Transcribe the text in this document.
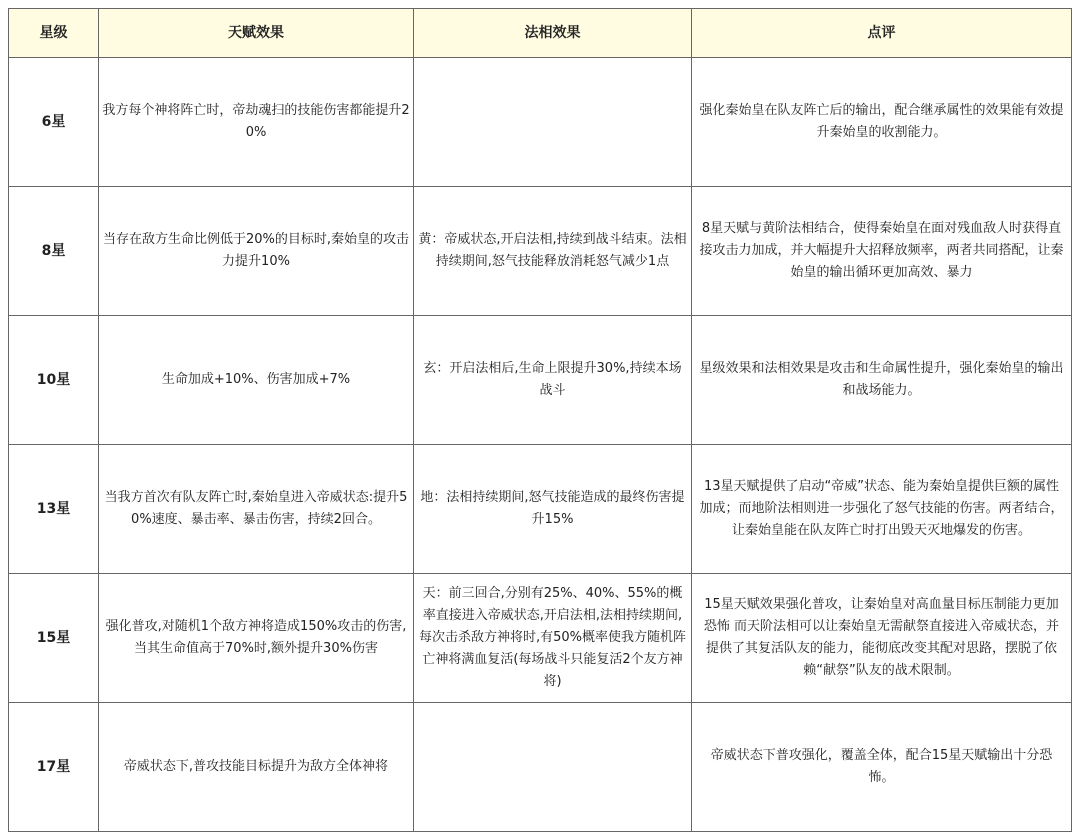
星级	天赋效果	法相效果	点评
6星	我方每个神将阵亡时，帝劫魂扫的技能伤害都能提升20%		强化秦始皇在队友阵亡后的输出，配合继承属性的效果能有效提升秦始皇的收割能力。
8星	当存在敌方生命比例低于20%的目标时,秦始皇的攻击力提升10%	黄：帝威状态,开启法相,持续到战斗结束。法相持续期间,怒气技能释放消耗怒气减少1点	8星天赋与黄阶法相结合，使得秦始皇在面对残血敌人时获得直接攻击力加成，并大幅提升大招释放频率，两者共同搭配，让秦始皇的输出循环更加高效、暴力
10星	生命加成+10%、伤害加成+7%	玄：开启法相后,生命上限提升30%,持续本场战斗	星级效果和法相效果是攻击和生命属性提升，强化秦始皇的输出和战场能力。
13星	当我方首次有队友阵亡时,秦始皇进入帝威状态:提升50%速度、暴击率、暴击伤害，持续2回合。	地：法相持续期间,怒气技能造成的最终伤害提升15%	13星天赋提供了启动“帝威”状态、能为秦始皇提供巨额的属性加成；而地阶法相则进一步强化了怒气技能的伤害。两者结合，让秦始皇能在队友阵亡时打出毁天灭地爆发的伤害。
15星	强化普攻,对随机1个敌方神将造成150%攻击的伤害,当其生命值高于70%时,额外提升30%伤害	天：前三回合,分别有25%、40%、55%的概率直接进入帝威状态,开启法相,法相持续期间,每次击杀敌方神将时,有50%概率使我方随机阵亡神将满血复活(每场战斗只能复活2个友方神将)	15星天赋效果强化普攻，让秦始皇对高血量目标压制能力更加恐怖 而天阶法相可以让秦始皇无需献祭直接进入帝威状态，并提供了其复活队友的能力，能彻底改变其配对思路，摆脱了依赖“献祭”队友的战术限制。
17星	帝威状态下,普攻技能目标提升为敌方全体神将		帝威状态下普攻强化，覆盖全体，配合15星天赋输出十分恐怖。
